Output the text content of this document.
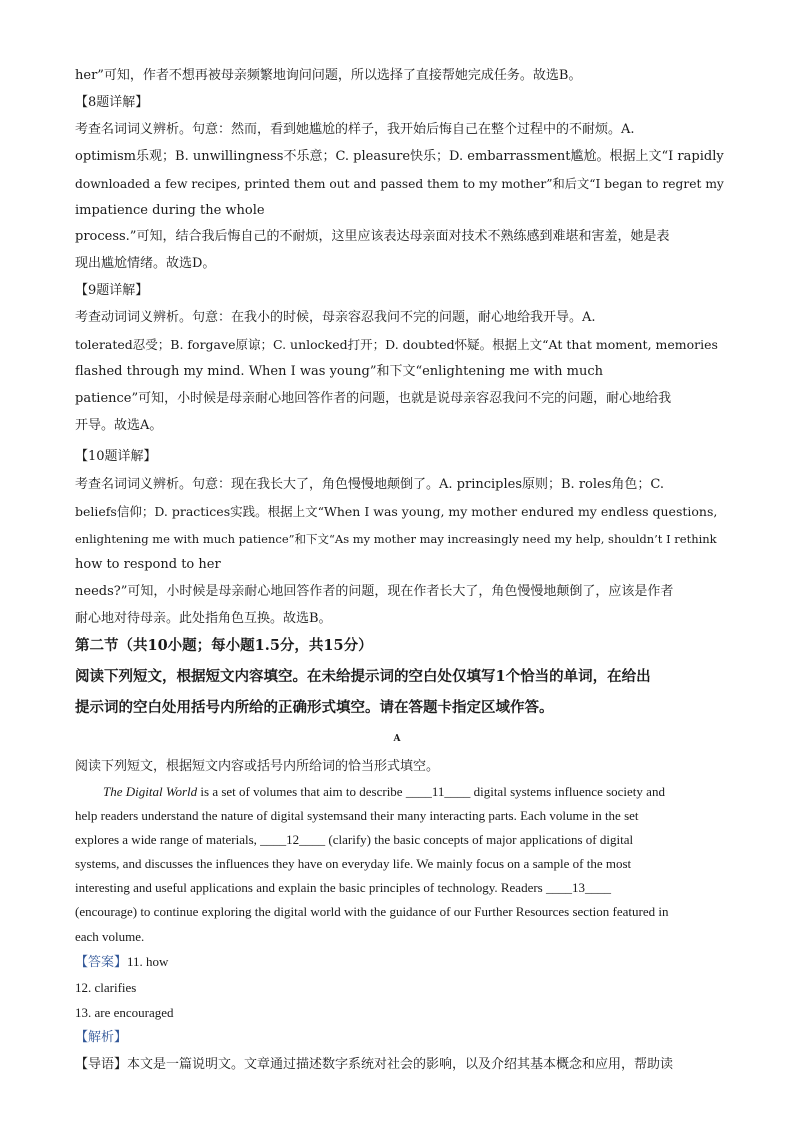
her”可知，作者不想再被母亲频繁地询问问题，所以选择了直接帮她完成任务。故选B。
【8题详解】
考查名词词义辨析。句意：然而，看到她尴尬的样子，我开始后悔自己在整个过程中的不耐烦。A.
optimism乐观；B. unwillingness不乐意；C. pleasure快乐；D. embarrassment尴尬。根据上文“I rapidly
downloaded a few recipes, printed them out and passed them to my mother”和后文“I began to regret my
impatience during the whole
process.”可知，结合我后悔自己的不耐烦，这里应该表达母亲面对技术不熟练感到难堪和害羞，她是表
现出尴尬情绪。故选D。
【9题详解】
考查动词词义辨析。句意：在我小的时候，母亲容忍我问不完的问题，耐心地给我开导。A.
tolerated忍受；B. forgave原谅；C. unlocked打开；D. doubted怀疑。根据上文“At that moment, memories
flashed through my mind. When I was young”和下文“enlightening me with much
patience”可知，小时候是母亲耐心地回答作者的问题，也就是说母亲容忍我问不完的问题，耐心地给我
开导。故选A。
【10题详解】
考查名词词义辨析。句意：现在我长大了，角色慢慢地颠倒了。A. principles原则；B. roles角色；C.
beliefs信仰；D. practices实践。根据上文“When I was young, my mother endured my endless questions,
enlightening me with much patience”和下文“As my mother may increasingly need my help, shouldn’t I rethink
how to respond to her
needs?”可知，小时候是母亲耐心地回答作者的问题，现在作者长大了，角色慢慢地颠倒了，应该是作者
耐心地对待母亲。此处指角色互换。故选B。
第二节（共10小题；每小题1.5分，共15分）
阅读下列短文，根据短文内容填空。在未给提示词的空白处仅填写1个恰当的单词，在给出
提示词的空白处用括号内所给的正确形式填空。请在答题卡指定区域作答。
A
阅读下列短文，根据短文内容或括号内所给词的恰当形式填空。
The Digital World is a set of volumes that aim to describe ____11____ digital systems influence society and
help readers understand the nature of digital systemsand their many interacting parts. Each volume in the set
explores a wide range of materials, ____12____ (clarify) the basic concepts of major applications of digital
systems, and discusses the influences they have on everyday life. We mainly focus on a sample of the most
interesting and useful applications and explain the basic principles of technology. Readers ____13____
(encourage) to continue exploring the digital world with the guidance of our Further Resources section featured in
each volume.
【答案】11. how
12. clarifies
13. are encouraged
【解析】
【导语】本文是一篇说明文。文章通过描述数字系统对社会的影响，以及介绍其基本概念和应用，帮助读
